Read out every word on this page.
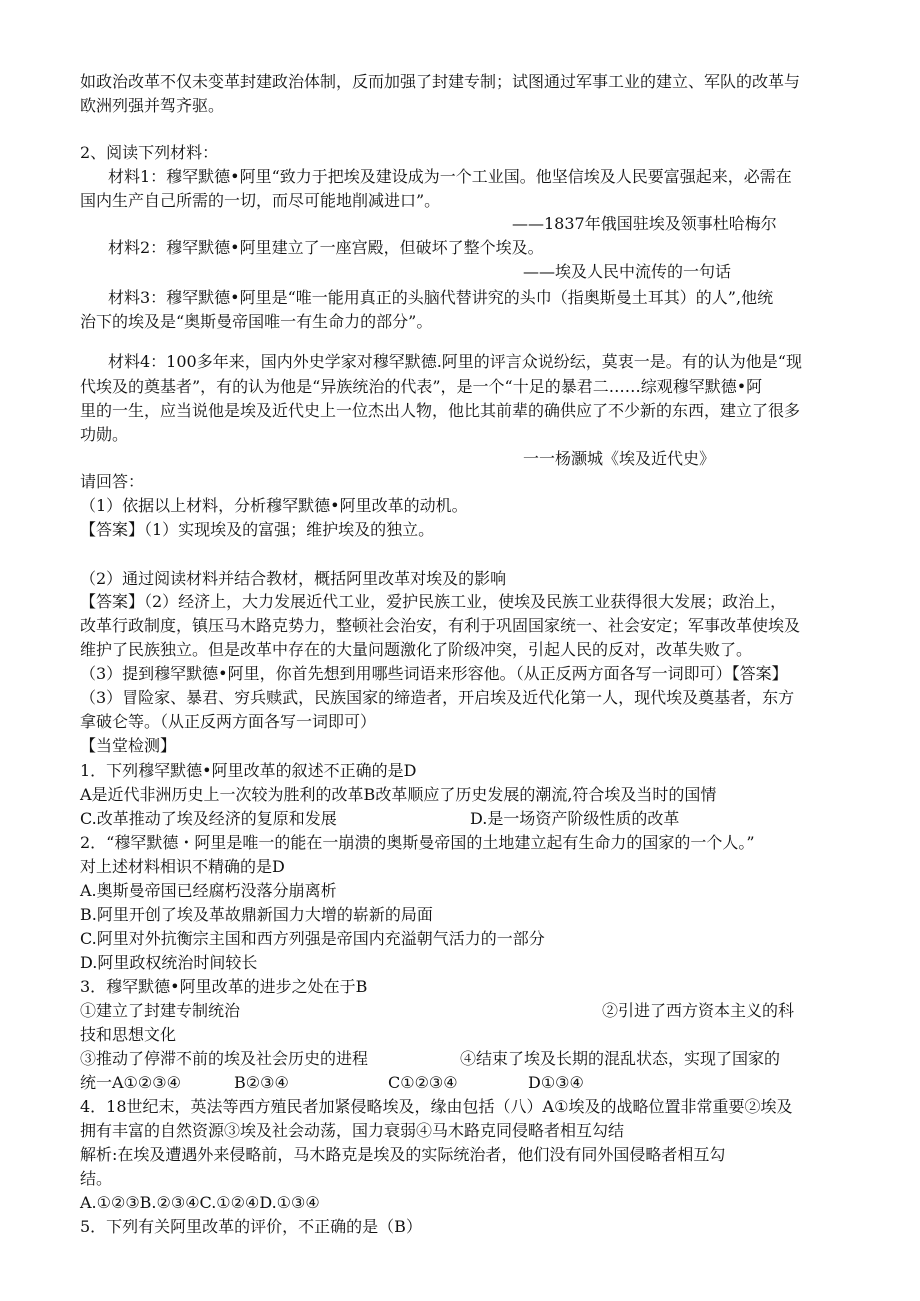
如政治改革不仅未变革封建政治体制，反而加强了封建专制；试图通过军事工业的建立、军队的改革与
欧洲列强并驾齐驱。
2、阅读下列材料：
材料1：穆罕默德•阿里“致力于把埃及建设成为一个工业国。他坚信埃及人民要富强起来，必需在
国内生产自己所需的一切，而尽可能地削减进口”。
——1837年俄国驻埃及领事杜哈梅尔
材料2：穆罕默德•阿里建立了一座宫殿，但破坏了整个埃及。
——埃及人民中流传的一句话
材料3：穆罕默德•阿里是“唯一能用真正的头脑代替讲究的头巾（指奥斯曼土耳其）的人”,他统
治下的埃及是“奥斯曼帝国唯一有生命力的部分”。
材料4：100多年来，国内外史学家对穆罕默德.阿里的评言众说纷纭，莫衷一是。有的认为他是“现
代埃及的奠基者”，有的认为他是“异族统治的代表”，是一个“十足的暴君二……综观穆罕默德•阿
里的一生，应当说他是埃及近代史上一位杰出人物，他比其前辈的确供应了不少新的东西，建立了很多
功勋。
一一杨灏城《埃及近代史》
请回答：
（1）依据以上材料，分析穆罕默德•阿里改革的动机。
【答案】（1）实现埃及的富强；维护埃及的独立。
（2）通过阅读材料并结合教材，概括阿里改革对埃及的影响
【答案】（2）经济上，大力发展近代工业，爱护民族工业，使埃及民族工业获得很大发展；政治上，
改革行政制度，镇压马木路克势力，整顿社会治安，有利于巩固国家统一、社会安定；军事改革使埃及
维护了民族独立。但是改革中存在的大量问题激化了阶级冲突，引起人民的反对，改革失败了。
（3）提到穆罕默德•阿里，你首先想到用哪些词语来形容他。（从正反两方面各写一词即可）【答案】
（3）冒险家、暴君、穷兵赎武，民族国家的缔造者，开启埃及近代化第一人，现代埃及奠基者，东方
拿破仑等。（从正反两方面各写一词即可）
【当堂检测】
1．下列穆罕默德•阿里改革的叙述不正确的是D
A是近代非洲历史上一次较为胜利的改革B改革顺应了历史发展的潮流,符合埃及当时的国情
C.改革推动了埃及经济的复原和发展	D.是一场资产阶级性质的改革
2．“穆罕默德・阿里是唯一的能在一崩溃的奥斯曼帝国的土地建立起有生命力的国家的一个人。”
对上述材料相识不精确的是D
A.奥斯曼帝国已经腐朽没落分崩离析
B.阿里开创了埃及革故鼎新国力大增的崭新的局面
C.阿里对外抗衡宗主国和西方列强是帝国内充溢朝气活力的一部分
D.阿里政权统治时间较长
3．穆罕默德•阿里改革的进步之处在于B
①建立了封建专制统治	②引进了西方资本主义的科
技和思想文化
③推动了停滞不前的埃及社会历史的进程	④结束了埃及长期的混乱状态，实现了国家的
统一A①②③④	B②③④	C①②③④	D①③④
4．18世纪末，英法等西方殖民者加紧侵略埃及，缘由包括（八）A①埃及的战略位置非常重要②埃及
拥有丰富的自然资源③埃及社会动荡，国力衰弱④马木路克同侵略者相互勾结
解析:在埃及遭遇外来侵略前，马木路克是埃及的实际统治者，他们没有同外国侵略者相互勾
结。
A.①②③B.②③④C.①②④D.①③④
5．下列有关阿里改革的评价，不正确的是（B）
